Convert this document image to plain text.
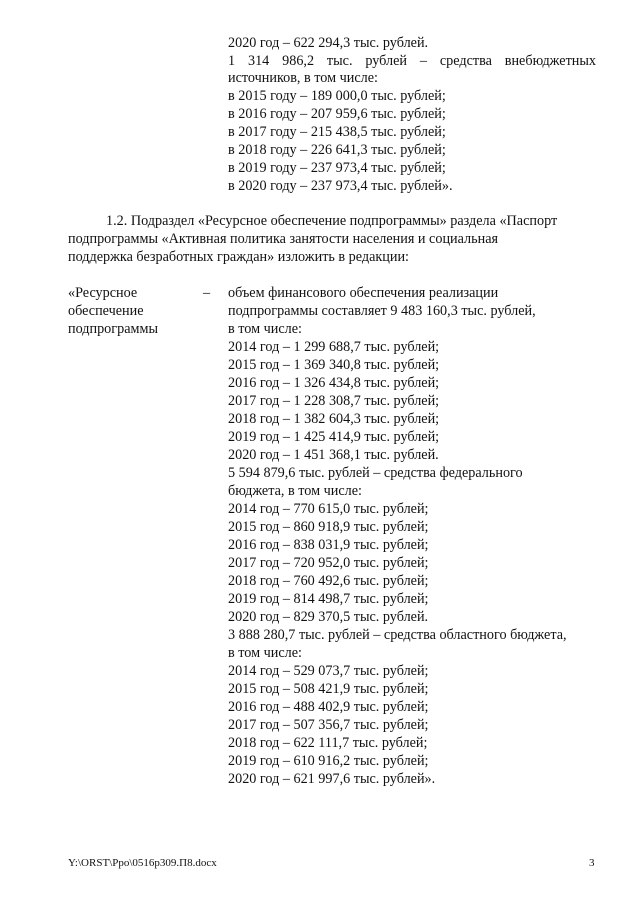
2020 год – 622 294,3 тыс. рублей.
1 314 986,2 тыс. рублей – средства внебюджетных
источников, в том числе:
в 2015 году – 189 000,0 тыс. рублей;
в 2016 году – 207 959,6 тыс. рублей;
в 2017 году – 215 438,5 тыс. рублей;
в 2018 году – 226 641,3 тыс. рублей;
в 2019 году – 237 973,4 тыс. рублей;
в 2020 году – 237 973,4 тыс. рублей».
1.2. Подраздел «Ресурсное обеспечение подпрограммы» раздела «Паспорт
подпрограммы «Активная политика занятости населения и социальная
поддержка безработных граждан» изложить в редакции:
«Ресурсное	–
обеспечение
подпрограммы
объем финансового обеспечения реализации
подпрограммы составляет 9 483 160,3 тыс. рублей,
в том числе:
2014 год – 1 299 688,7 тыс. рублей;
2015 год – 1 369 340,8 тыс. рублей;
2016 год – 1 326 434,8 тыс. рублей;
2017 год – 1 228 308,7 тыс. рублей;
2018 год – 1 382 604,3 тыс. рублей;
2019 год – 1 425 414,9 тыс. рублей;
2020 год – 1 451 368,1 тыс. рублей.
5 594 879,6 тыс. рублей – средства федерального
бюджета, в том числе:
2014 год – 770 615,0 тыс. рублей;
2015 год – 860 918,9 тыс. рублей;
2016 год – 838 031,9 тыс. рублей;
2017 год – 720 952,0 тыс. рублей;
2018 год – 760 492,6 тыс. рублей;
2019 год – 814 498,7 тыс. рублей;
2020 год – 829 370,5 тыс. рублей.
3 888 280,7 тыс. рублей – средства областного бюджета,
в том числе:
2014 год – 529 073,7 тыс. рублей;
2015 год – 508 421,9 тыс. рублей;
2016 год – 488 402,9 тыс. рублей;
2017 год – 507 356,7 тыс. рублей;
2018 год – 622 111,7 тыс. рублей;
2019 год – 610 916,2 тыс. рублей;
2020 год – 621 997,6 тыс. рублей».
Y:\ORST\Ppo\0516p309.П8.docx	3
